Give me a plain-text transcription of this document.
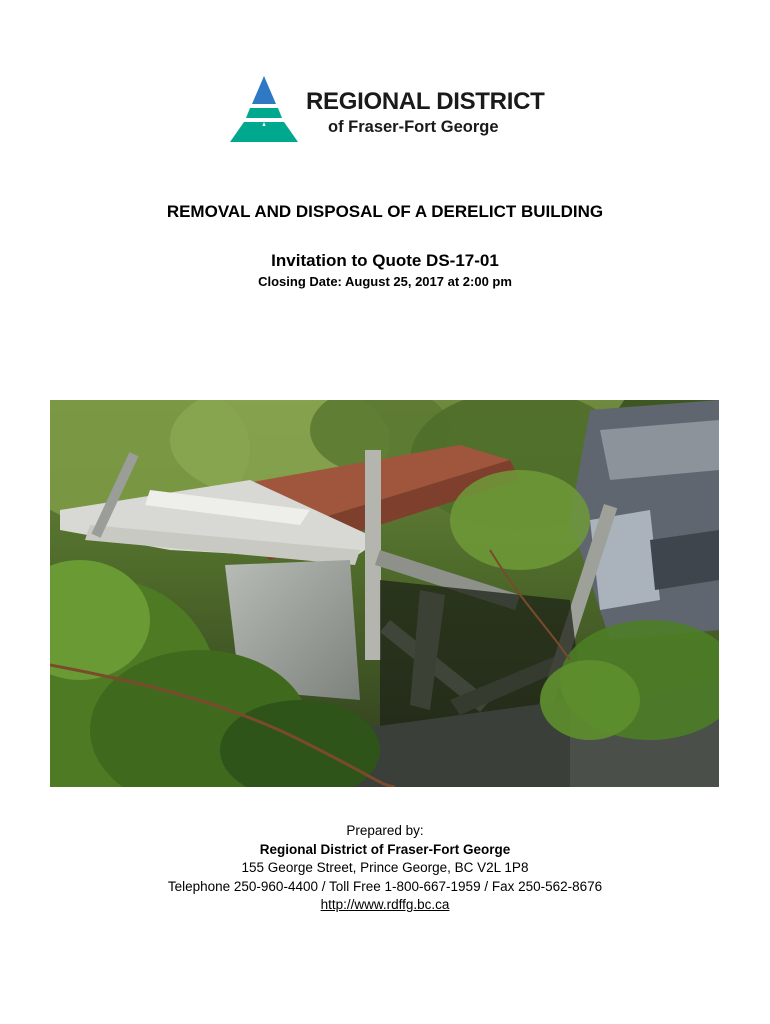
REGIONAL DISTRICT
of Fraser-Fort George
REMOVAL AND DISPOSAL OF A DERELICT BUILDING
Invitation to Quote DS-17-01
Closing Date: August 25, 2017 at 2:00 pm
Prepared by:
Regional District of Fraser-Fort George
155 George Street, Prince George, BC V2L 1P8
Telephone 250-960-4400 / Toll Free 1-800-667-1959 / Fax 250-562-8676
http://www.rdffg.bc.ca
